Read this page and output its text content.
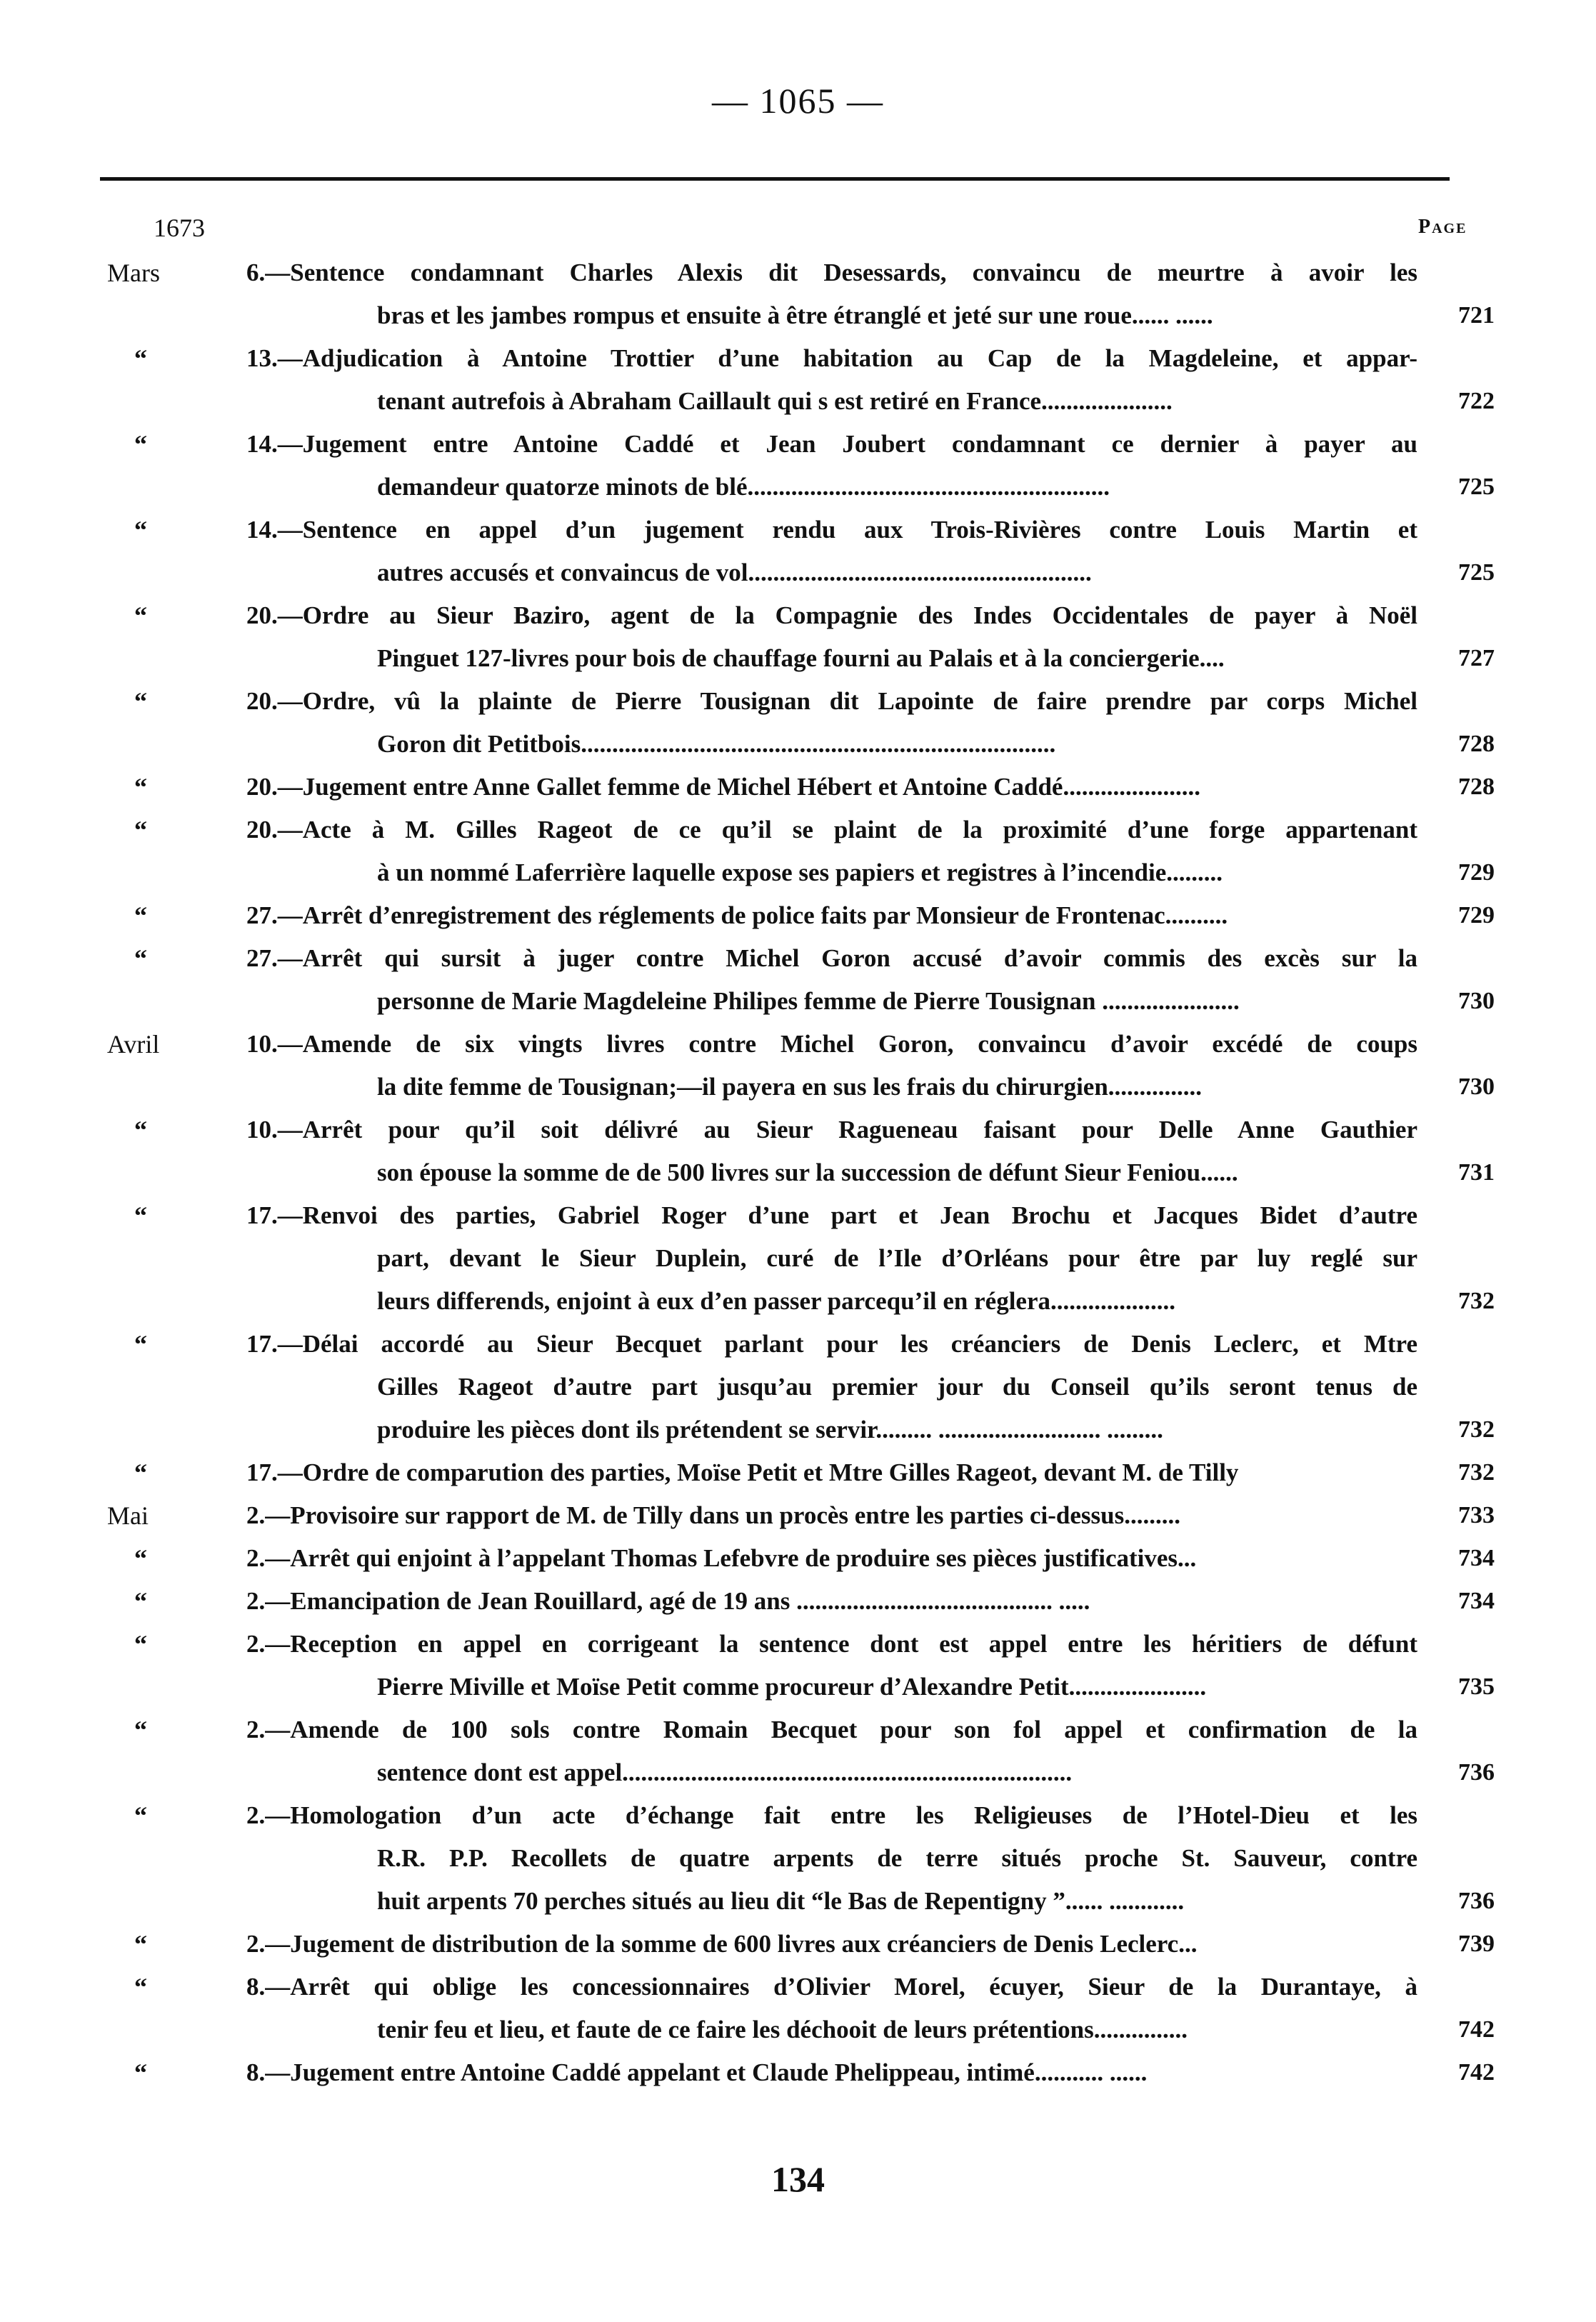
— 1065 —
1673	Page
Mars	6.—Sentence condamnant Charles Alexis dit Desessards, convaincu de meurtre à avoir les
bras et les jambes rompus et ensuite à être étranglé et jeté sur une roue...... ......	721
“	13.—Adjudication à Antoine Trottier d’une habitation au Cap de la Magdeleine, et appar-
tenant autrefois à Abraham Caillault qui s est retiré en France.....................	722
“	14.—Jugement entre Antoine Caddé et Jean Joubert condamnant ce dernier à payer au
demandeur quatorze minots de blé..........................................................	725
“	14.—Sentence en appel d’un jugement rendu aux Trois-Rivières contre Louis Martin et
autres accusés et convaincus de vol.......................................................	725
“	20.—Ordre au Sieur Baziro, agent de la Compagnie des Indes Occidentales de payer à Noël
Pinguet 127-livres pour bois de chauffage fourni au Palais et à la conciergerie....	727
“	20.—Ordre, vû la plainte de Pierre Tousignan dit Lapointe de faire prendre par corps Michel
Goron dit Petitbois............................................................................	728
“	20.—Jugement entre Anne Gallet femme de Michel Hébert et Antoine Caddé......................	728
“	20.—Acte à M. Gilles Rageot de ce qu’il se plaint de la proximité d’une forge appartenant
à un nommé Laferrière laquelle expose ses papiers et registres à l’incendie.........	729
“	27.—Arrêt d’enregistrement des réglements de police faits par Monsieur de Frontenac..........	729
“	27.—Arrêt qui sursit à juger contre Michel Goron accusé d’avoir commis des excès sur la
personne de Marie Magdeleine Philipes femme de Pierre Tousignan ......................	730
Avril	10.—Amende de six vingts livres contre Michel Goron, convaincu d’avoir excédé de coups
la dite femme de Tousignan;—il payera en sus les frais du chirurgien...............	730
“	10.—Arrêt pour qu’il soit délivré au Sieur Ragueneau faisant pour Delle Anne Gauthier
son épouse la somme de de 500 livres sur la succession de défunt Sieur Feniou......	731
“	17.—Renvoi des parties, Gabriel Roger d’une part et Jean Brochu et Jacques Bidet d’autre
part, devant le Sieur Duplein, curé de l’Ile d’Orléans pour être par luy reglé sur
leurs differends, enjoint à eux d’en passer parcequ’il en réglera....................	732
“	17.—Délai accordé au Sieur Becquet parlant pour les créanciers de Denis Leclerc, et Mtre
Gilles Rageot d’autre part jusqu’au premier jour du Conseil qu’ils seront tenus de
produire les pièces dont ils prétendent se servir......... .......................... .........	732
“	17.—Ordre de comparution des parties, Moïse Petit et Mtre Gilles Rageot, devant M. de Tilly	732
Mai	2.—Provisoire sur rapport de M. de Tilly dans un procès entre les parties ci-dessus.........	733
“	2.—Arrêt qui enjoint à l’appelant Thomas Lefebvre de produire ses pièces justificatives...	734
“	2.—Emancipation de Jean Rouillard, agé de 19 ans ......................................... .....	734
“	2.—Reception en appel en corrigeant la sentence dont est appel entre les héritiers de défunt
Pierre Miville et Moïse Petit comme procureur d’Alexandre Petit......................	735
“	2.—Amende de 100 sols contre Romain Becquet pour son fol appel et confirmation de la
sentence dont est appel........................................................................	736
“	2.—Homologation d’un acte d’échange fait entre les Religieuses de l’Hotel-Dieu et les
R.R. P.P. Recollets de quatre arpents de terre situés proche St. Sauveur, contre
huit arpents 70 perches situés au lieu dit “le Bas de Repentigny ”...... ............	736
“	2.—Jugement de distribution de la somme de 600 livres aux créanciers de Denis Leclerc...	739
“	8.—Arrêt qui oblige les concessionnaires d’Olivier Morel, écuyer, Sieur de la Durantaye, à
tenir feu et lieu, et faute de ce faire les déchooit de leurs prétentions...............	742
“	8.—Jugement entre Antoine Caddé appelant et Claude Phelippeau, intimé........... ......	742
134
